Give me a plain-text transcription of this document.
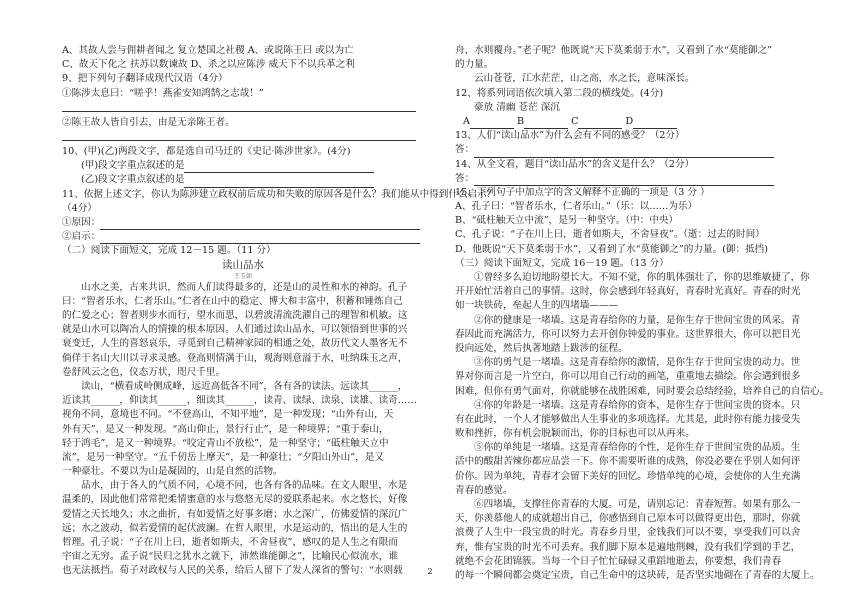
A、其故人尝与佣耕者闻之 复立楚国之社稷 A、或说陈王曰 或以为亡
C、故天下化之 扶苏以数谏故 D、杀之以应陈涉 威天下不以兵革之利
9、把下列句子翻译成现代汉语（4分）
①陈涉太息曰：“嗟乎！燕雀安知鸿鹄之志哉！”
②陈王故人皆自引去，由是无亲陈王者。
10、(甲)(乙)两段文字，都是选自司马迁的《史记·陈涉世家》。(4分)
(甲)段文字重点叙述的是
(乙)段文字重点叙述的是
11、依据上述文字，你认为陈涉建立政权前后成功和失败的原因各是什么？我们能从中得到什么启示？
（4分）
①原因：
②启示：
（二）阅读下面短文，完成 12－15 题。（11 分）
读山品水
王玉如
山水之美，古来共识，然而人们读得最多的，还是山的灵性和水的神韵。孔子
曰：“智者乐水，仁者乐山。”仁者在山中的稳定、博大和丰富中，积蓄和锤炼自己
的仁爱之心；智者则步水而行，望水而思，以碧波清流洗濯自己的理智和机敏。这
就是山水可以陶冶人的情操的根本原因。人们通过读山品水，可以领悟到世事的兴
衰变迁，人生的喜怒哀乐，寻觅到自己精神家园的相通之处，故历代文人墨客无不
倘佯于名山大川以寻求灵感。登高则情满于山，观海则意溢于水，吐纳珠玉之声，
卷舒风云之色，仪态万状，咫尺千里。
读山，“横看成岭侧成峰，远近高低各不同”，各有各的读法。远读其______，
近读其______，仰读其______，细读其______，读青、读绿、读泉、读雄、读奇……
视角不同，意境也不同。“不登高山，不知平地”，是一种发现；“山外有山，天
外有天”，是又一种发现。“高山仰止，景行行止”，是一种境界；“重于泰山，
轻于鸿毛”，是又一种境界。“咬定青山不放松”，是一种坚守；“砥柱触天立中
流”，是另一种坚守。“五千仞岳上摩天”，是一种豪壮；“夕阳山外山”，是又
一种豪壮。不要以为山是凝固的，山是自然的活物。
品水，由于各人的气质不同，心境不同，也各有各的品味。在文人眼里，水是
温柔的，因此他们常常把柔情蜜意的水与悠悠无尽的爱联系起来。水之悠长，好像
爱情之天长地久；水之曲折，有如爱情之好事多磨；水之深广，仿佛爱情的深沉广
远；水之波动，似若爱情的起伏波澜。在哲人眼里，水是运动的，悟出的是人生的
哲理。孔子说：“子在川上曰，逝者如斯夫，不舍昼夜”，感叹的是人生之有限而
宇宙之无穷。孟子说“民归之犹水之就下，沛然谁能御之”，比喻民心似流水，谁
也无法抵挡。荀子对政权与人民的关系，给后人留下了发人深省的警句：“水则载
舟，水则覆舟。”老子呢？他既说“天下莫柔弱于水”，又看到了水“莫能御之”
的力量。
云山苍苍，江水茫茫，山之高，水之长，意味深长。
12、将系列词语依次填入第二段的横线处。(4分)
豪放 清幽 苍茫 深沉
A	B	C	D
13、人们“读山品水”为什么会有不同的感受？（2分）
答：
14、从全文看，题目“读山品水”的含义是什么？（2分）
答：
15、下列句子中加点字的含义解释不正确的一项是（3 分 ）
A、孔子曰：“智者乐水，仁者乐山。”（乐：以……为乐）
B、“砥柱触天立中流”，是另一种坚守。（中：中央）
C、孔子说：“子在川上曰，逝者如斯夫，不舍昼夜”。（逝：过去的时间）
D、他既说“天下莫柔弱于水”，又看到了水“莫能御之”的力量。(御：抵挡)
（三）阅读下面短文，完成 16－19 题。（13 分）
①曾经多么迫切地盼望长大。不知不觉，你的肌体强壮了，你的思维敏捷了，你
开开始忙活着自己的事情。这时，你会感到年轻真好，青春时光真好。青春的时光
如一块铁砖，垒起人生的四堵墙———
②你的健康是一堵墙。这是青春给你的力量，是你生存于世间宝贵的风采。青
春因此而充满活力，你可以努力去开创你钟爱的事业。这世界很大，你可以把目光
投向远处，然后执著地踏上跋涉的征程。
③你的勇气是一堵墙。这是青春给你的激情，是你生存于世间宝贵的动力。世
界对你而言是一片空白，你可以用自己行动的画笔，重重地去描绘。你会遇到很多
困难，但你有勇气面对，你就能够在战胜困难，同时要会总结经验，培养自己的自信心。
④你的年龄是一堵墙。这是青春给你的资本，是你生存于世间宝贵的资本。只
有在此时，一个人才能够做出人生事业的多项选择。尤其是，此时你有能力接受失
败和挫折，你有机会脱颖而出，你的目标也可以从再来。
⑤你的单纯是一堵墙。这是青春给你的个性，是你生存于世间宝贵的品质。生
活中的酸甜苦辣你都应品尝一下。你不需要听谁的成熟，你没必要在乎别人如何评
价你。因为单纯，青春才会留下美好的回忆。珍惜单纯的心境，会使你的人生充满
青春的感觉。
⑥四堵墙，支撑住你青春的大厦。可是，请别忘记：青春短暂。如果有那么一
天，你羡慕他人的成就超出自己，你感悟到自己原本可以做得更出色，那时，你就
浪费了人生中一段宝贵的时光。青春乡月里，金钱我们可以不要，享受我们可以舍
弃，惟有宝贵的时光不可丢弃。我们脚下原本是遍地荆棘，没有我们学到的手艺，
就绝不会花团锦簇。当每一个日子忙忙碌碌又重蹈地逝去，你要想，我们青春
的每一个瞬间都会奠定宝贵，自己生命中的这块砖，是否坚实地砌在了青春的大厦上。
2
